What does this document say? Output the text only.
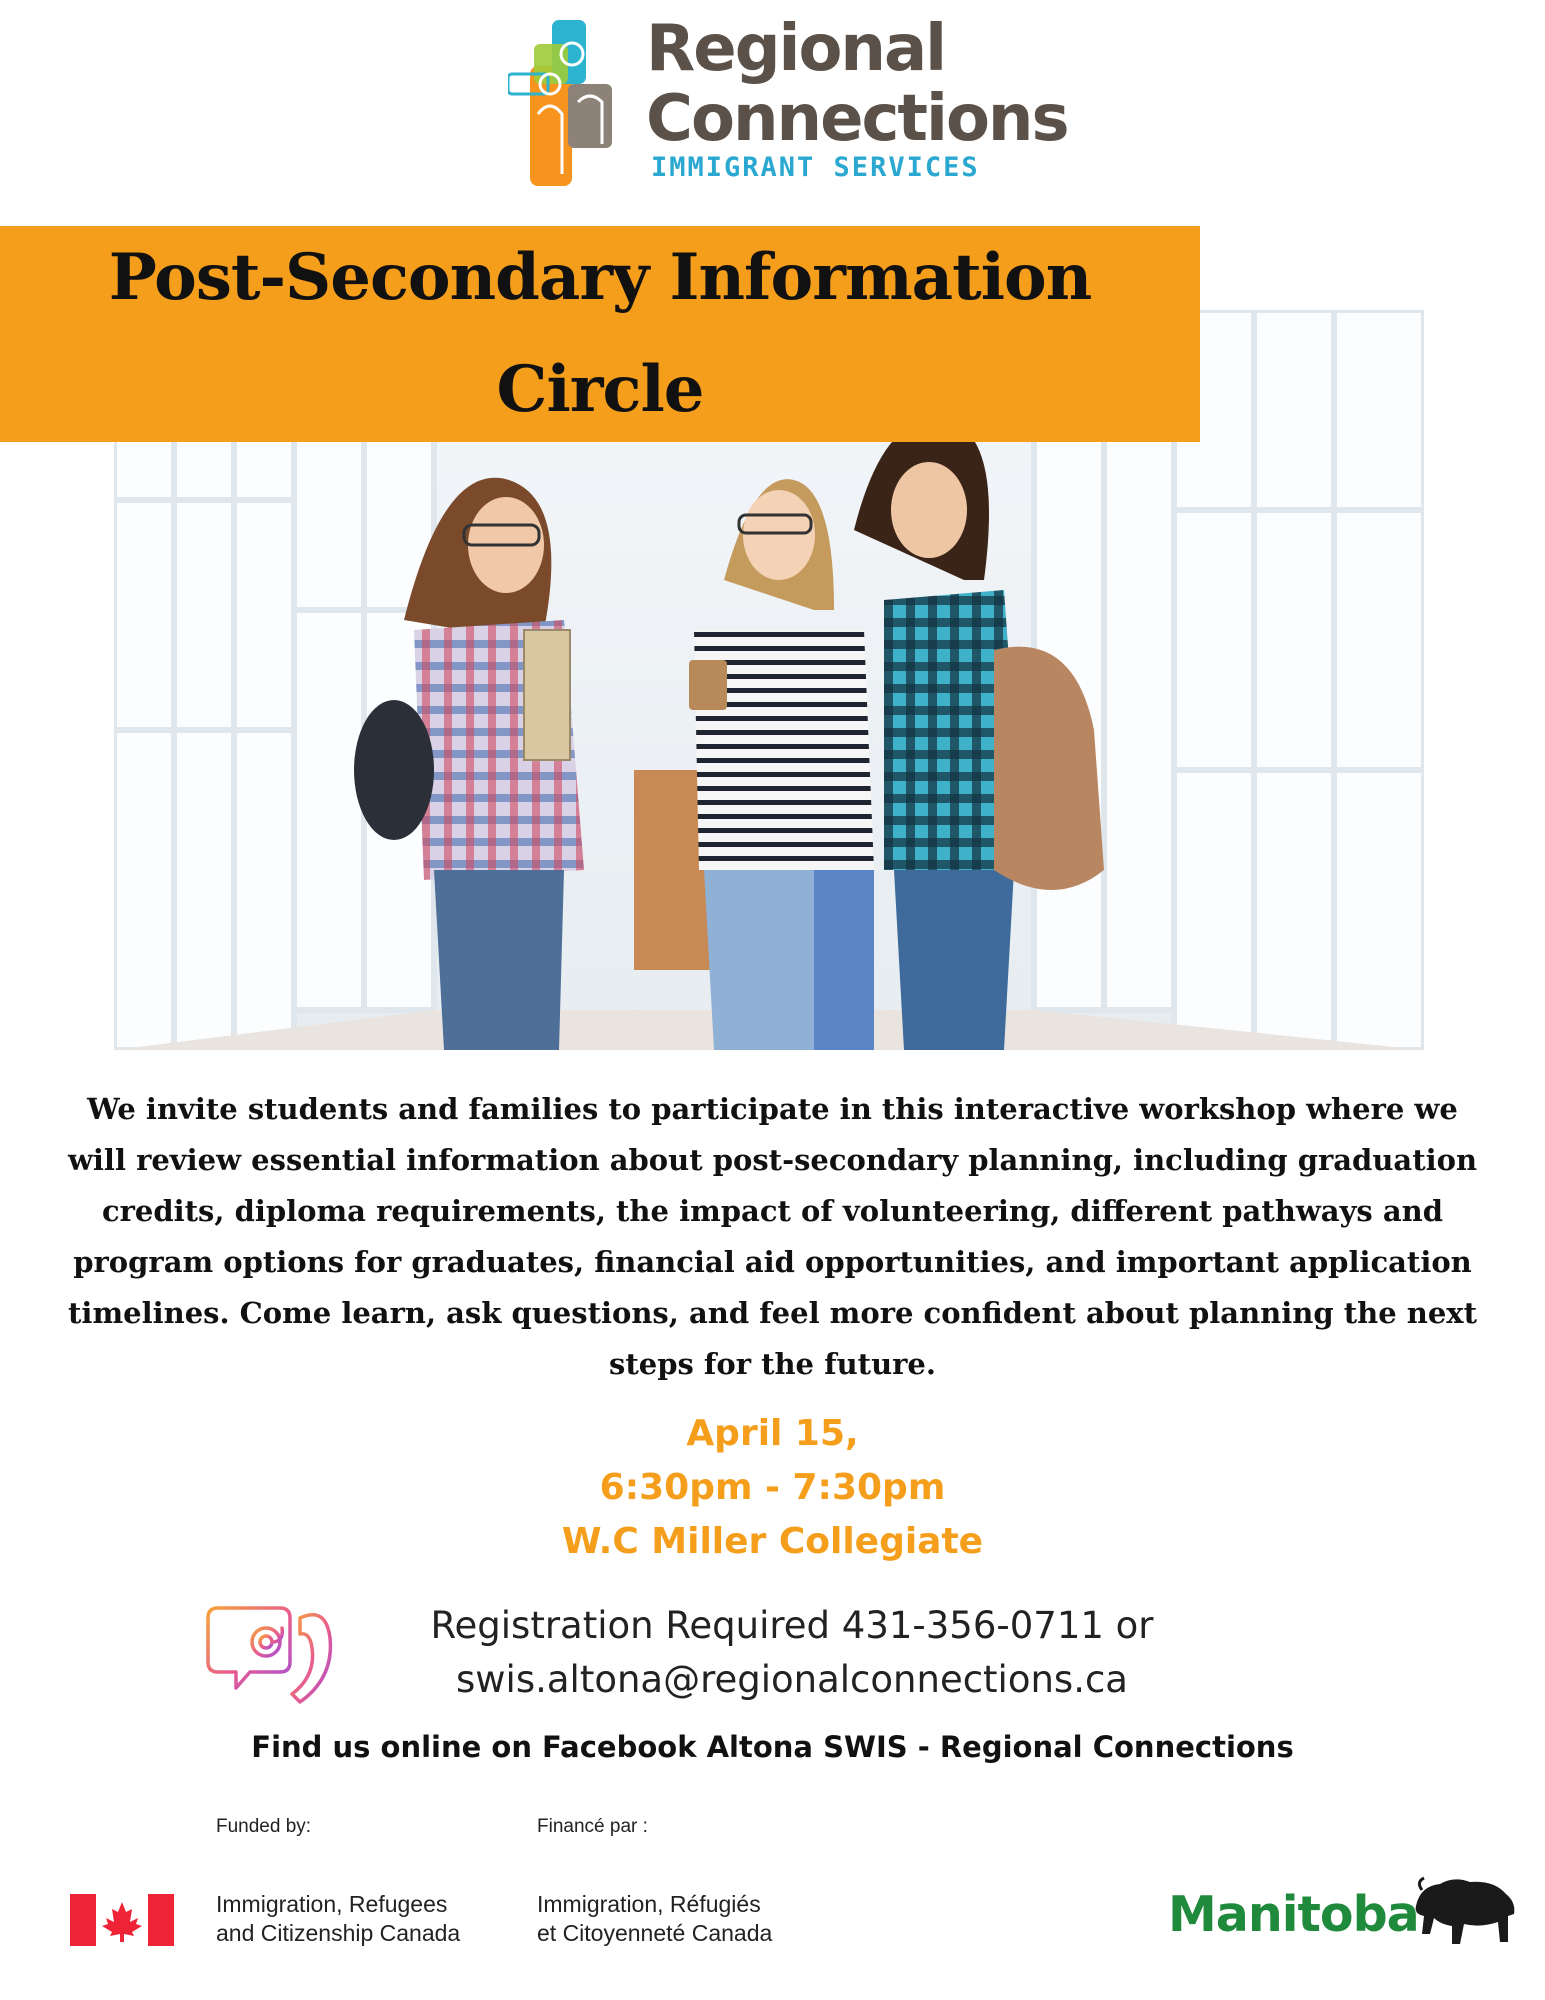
Regional
Connections
IMMIGRANT SERVICES
Post-Secondary Information Circle

We invite students and families to participate in this interactive workshop where we will review essential information about post-secondary planning, including graduation credits, diploma requirements, the impact of volunteering, different pathways and program options for graduates, financial aid opportunities, and important application timelines. Come learn, ask questions, and feel more confident about planning the next steps for the future.

April 15,
6:30pm - 7:30pm
W.C Miller Collegiate
Registration Required 431-356-0711 or
swis.altona@regionalconnections.ca
Find us online on Facebook Altona SWIS - Regional Connections
Funded by:	Financé par :
Immigration, Refugees
and Citizenship Canada
Immigration, Réfugiés
et Citoyenneté Canada	Manitoba
